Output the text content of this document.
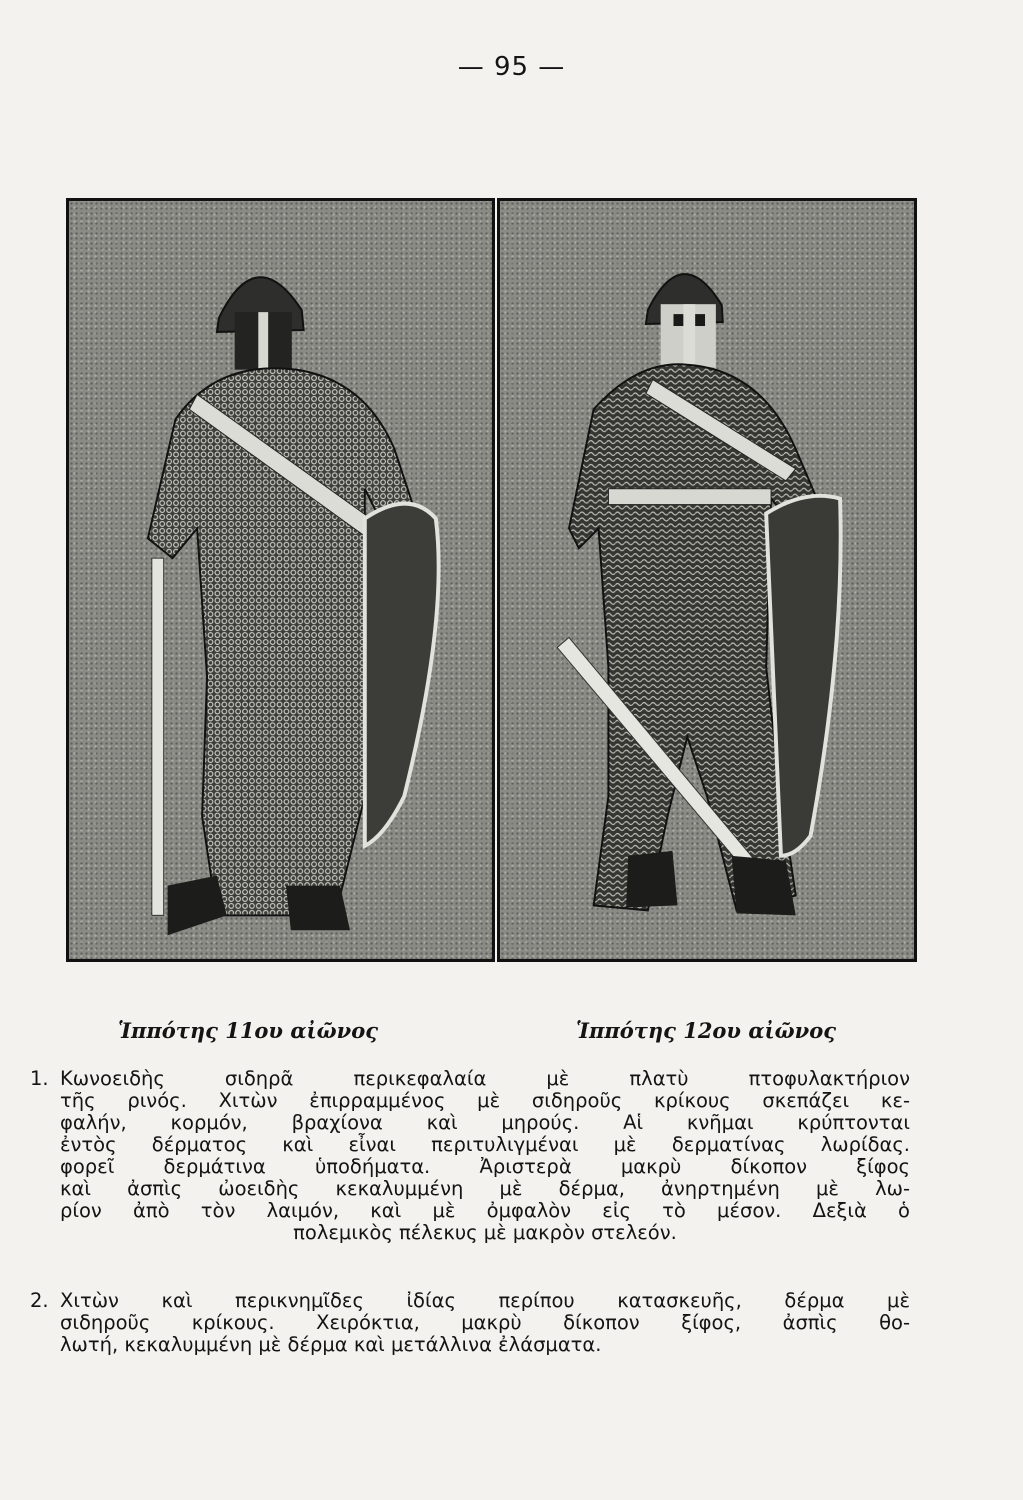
— 95 —
Ἱππότης 11ου αἰῶνος	Ἱππότης 12ου αἰῶνος
1. Κωνοειδὴς σιδηρᾶ περικεφαλαία μὲ πλατὺ πτοφυλακτήριον
τῆς ρινός. Χιτὼν ἐπιρραμμένος μὲ σιδηροῦς κρίκους σκεπάζει κε-
φαλήν, κορμόν, βραχίονα καὶ μηρούς. Αἱ κνῆμαι κρύπτονται
ἐντὸς δέρματος καὶ εἶναι περιτυλιγμέναι μὲ δερματίνας λωρίδας.
φορεῖ δερμάτινα ὑποδήματα. Ἀριστερὰ μακρὺ δίκοπον ξίφος
καὶ ἀσπὶς ὠοειδὴς κεκαλυμμένη μὲ δέρμα, ἀνηρτημένη μὲ λω-
ρίον ἀπὸ τὸν λαιμόν, καὶ μὲ ὀμφαλὸν εἰς τὸ μέσον. Δεξιὰ ὁ
πολεμικὸς πέλεκυς μὲ μακρὸν στελεόν.
2. Χιτὼν καὶ περικνημῖδες ἰδίας περίπου κατασκευῆς, δέρμα μὲ
σιδηροῦς κρίκους. Χειρόκτια, μακρὺ δίκοπον ξίφος, ἀσπὶς θο-
λωτή, κεκαλυμμένη μὲ δέρμα καὶ μετάλλινα ἐλάσματα.
